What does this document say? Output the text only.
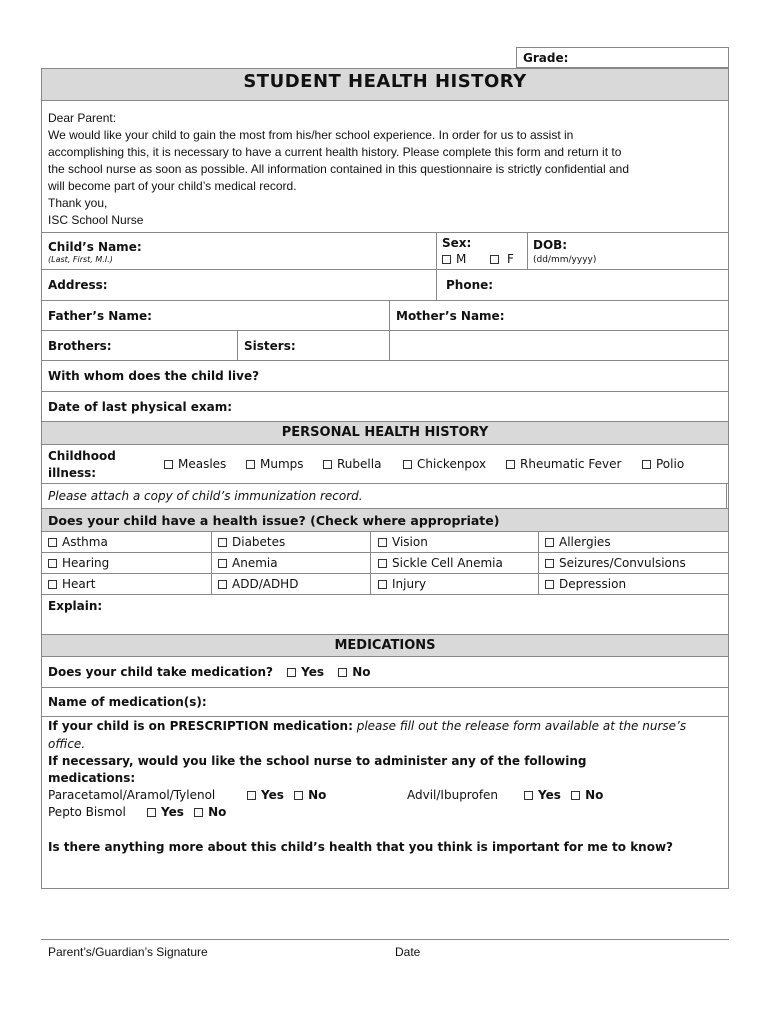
Grade:
STUDENT HEALTH HISTORY
Dear Parent:
We would like your child to gain the most from his/her school experience. In order for us to assist in
accomplishing this, it is necessary to have a current health history. Please complete this form and return it to
the school nurse as soon as possible. All information contained in this questionnaire is strictly confidential and
will become part of your child’s medical record.
Thank you,
ISC School Nurse
Child’s Name:
(Last, First, M.I.)
Sex:
M	F
DOB:
(dd/mm/yyyy)
Address:	Phone:
Father’s Name:	Mother’s Name:
Brothers:	Sisters:
With whom does the child live?
Date of last physical exam:
PERSONAL HEALTH HISTORY
Childhood
illness:
Measles	Mumps	Rubella	Chickenpox	Rheumatic Fever	Polio
Please attach a copy of child’s immunization record.
Does your child have a health issue? (Check where appropriate)
Asthma	Diabetes	Vision	Allergies
Hearing	Anemia	Sickle Cell Anemia	Seizures/Convulsions
Heart	ADD/ADHD	Injury	Depression
Explain:
MEDICATIONS
Does your child take medication? Yes No
Name of medication(s):
If your child is on PRESCRIPTION medication: please fill out the release form available at the nurse’s
office.
If necessary, would you like the school nurse to administer any of the following
medications:
Paracetamol/Aramol/Tylenol	Yes No	Advil/Ibuprofen	Yes No
Pepto Bismol	Yes No
Is there anything more about this child’s health that you think is important for me to know?
Parent’s/Guardian’s Signature	Date
